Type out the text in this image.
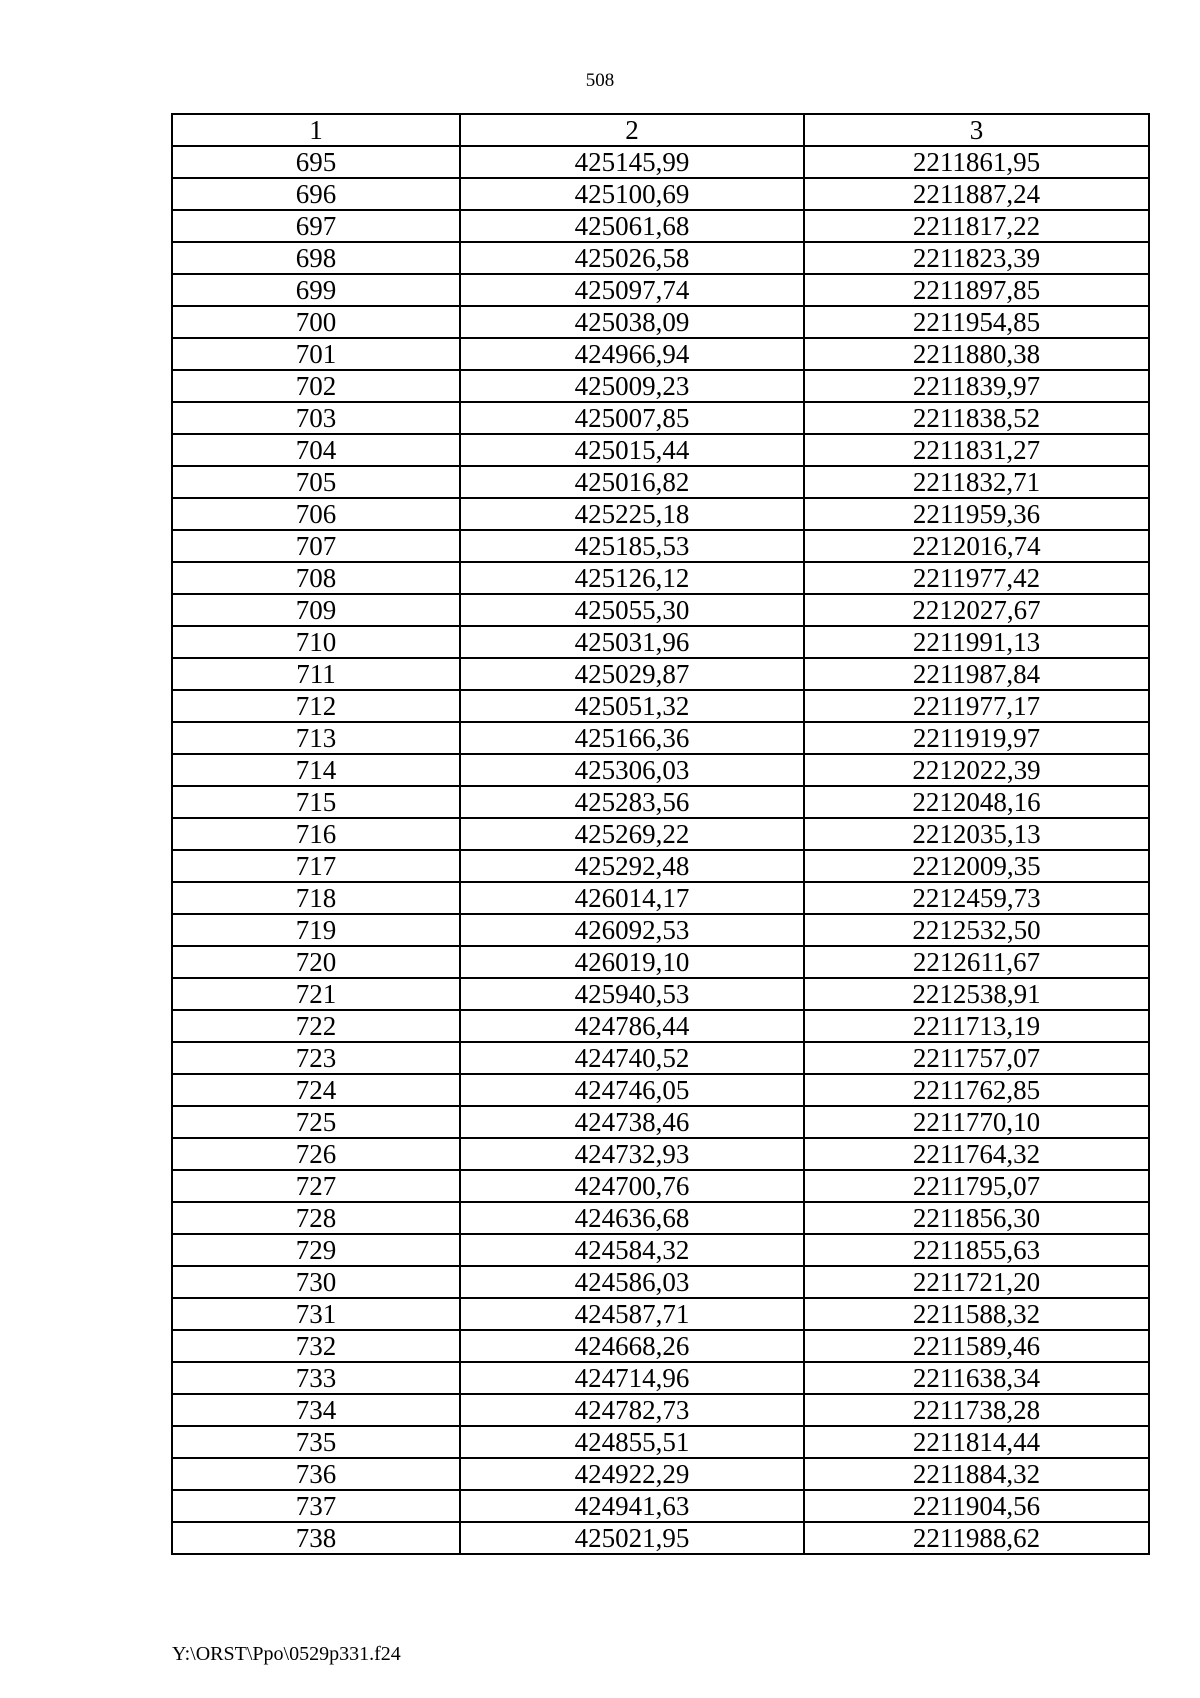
508
1	2	3
695	425145,99	2211861,95
696	425100,69	2211887,24
697	425061,68	2211817,22
698	425026,58	2211823,39
699	425097,74	2211897,85
700	425038,09	2211954,85
701	424966,94	2211880,38
702	425009,23	2211839,97
703	425007,85	2211838,52
704	425015,44	2211831,27
705	425016,82	2211832,71
706	425225,18	2211959,36
707	425185,53	2212016,74
708	425126,12	2211977,42
709	425055,30	2212027,67
710	425031,96	2211991,13
711	425029,87	2211987,84
712	425051,32	2211977,17
713	425166,36	2211919,97
714	425306,03	2212022,39
715	425283,56	2212048,16
716	425269,22	2212035,13
717	425292,48	2212009,35
718	426014,17	2212459,73
719	426092,53	2212532,50
720	426019,10	2212611,67
721	425940,53	2212538,91
722	424786,44	2211713,19
723	424740,52	2211757,07
724	424746,05	2211762,85
725	424738,46	2211770,10
726	424732,93	2211764,32
727	424700,76	2211795,07
728	424636,68	2211856,30
729	424584,32	2211855,63
730	424586,03	2211721,20
731	424587,71	2211588,32
732	424668,26	2211589,46
733	424714,96	2211638,34
734	424782,73	2211738,28
735	424855,51	2211814,44
736	424922,29	2211884,32
737	424941,63	2211904,56
738	425021,95	2211988,62
Y:\ORST\Ppo\0529p331.f24
